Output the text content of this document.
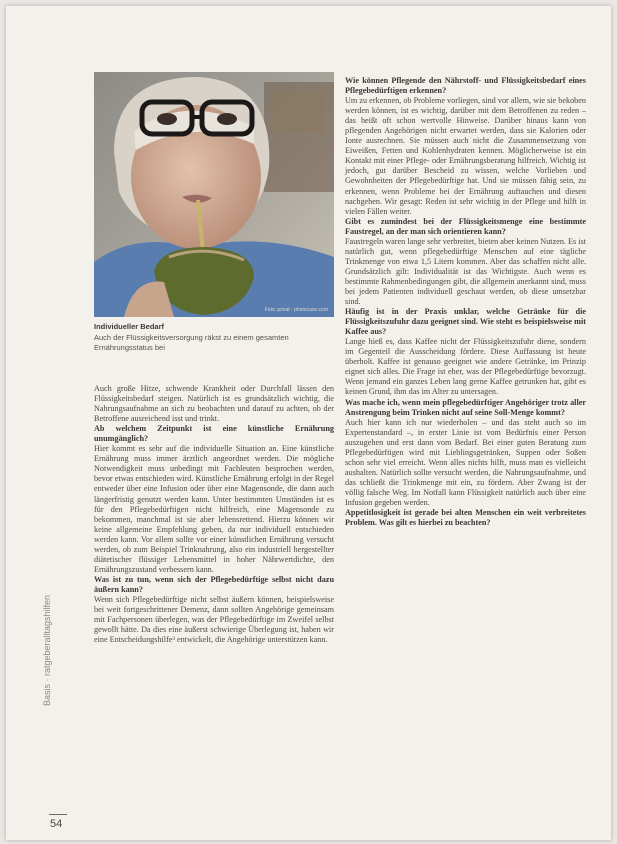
Basis · ratgeberalltagshilfen
54
Foto: privat · photocase.com
Individueller Bedarf
Auch der Flüssigkeitsversorgung räkst zu einem gesamten Ernährungsstatus bei

Auch große Hitze, schwende Krankheit oder Durchfall lässen den Flüssigkeitsbedarf steigen. Natürlich ist es grundsätzlich wichtig, die Nahrungsaufnahme an sich zu beobachten und darauf zu achten, ob der Betroffene ausreichend isst und trinkt.

Ab welchem Zeitpunkt ist eine künstliche Ernährung unumgänglich?

Hier kommt es sehr auf die individuelle Situation an. Eine künstliche Ernährung muss immer ärztlich angeordnet werden. Die mögliche Notwendigkeit muss unbedingt mit Fachleuten besprochen werden, bevor etwas entschieden wird. Künstliche Ernährung erfolgt in der Regel entweder über eine Infusion oder über eine Magensonde, die dann auch längerfristig genutzt werden kann. Unter bestimmten Umständen ist es für den Pflegebedürftigen nicht hilfreich, eine Magensonde zu bekommen, manchmal ist sie aber lebensrettend. Hierzu können wir keine allgemeine Empfehlung geben, da nur individuell entschieden werden kann. Vor allem sollte vor einer künstlichen Ernährung versucht werden, ob zum Beispiel Trinknahrung, also ein industriell hergestellter diätetischer flüssiger Lebensmittel in hoher Nährwertdichte, den Ernährungszustand verbessern kann.

Was ist zu tun, wenn sich der Pflegebedürftige selbst nicht dazu äußern kann?

Wenn sich Pflegebedürftige nicht selbst äußern können, beispielsweise bei weit fortgeschrittener Demenz, dann sollten Angehörige gemeinsam mit Fachpersonen überlegen, was der Pflegebedürftige im Zweifel selbst gewollt hätte. Da dies eine äußerst schwierige Überlegung ist, haben wir eine Entscheidungshilfe³ entwickelt, die Angehörige unterstützen kann.

Wie können Pflegende den Nährstoff- und Flüssigkeitsbedarf eines Pflegebedürftigen erkennen?

Um zu erkennen, ob Probleme vorliegen, sind vor allem, wie sie bekoben werden können, ist es wichtig, darüber mit dem Betroffenen zu reden – das heißt oft schon wertvolle Hinweise. Darüber hinaus kann von pflegenden Angehörigen nicht erwartet werden, dass sie Kalorien oder Ionte ausrechnen. Sie müssen auch nicht die Zusammensetzung von Eiweißen, Fetten und Kohlenhydraten kennen. Möglicherweise ist ein Kontakt mit einer Pflege- oder Ernährungsberatung hilfreich. Wichtig ist jedoch, gut darüber Bescheid zu wissen, welche Vorlieben und Gewohnheiten der Pflegebedürftige hat. Und sie müssen fähig sein, zu erkennen, wenn Probleme bei der Ernährung auftauchen und diesen nachgehen. Wir gesagt: Reden ist sehr wichtig in der Pflege und hilft in vielen Fällen weiter.

Gibt es zumindest bei der Flüssigkeitsmenge eine bestimmte Faustregel, an der man sich orientieren kann?

Faustregeln waren lange sehr verbreitet, bieten aber keinen Nutzen. Es ist natürlich gut, wenn pflegebedürftige Menschen auf eine tägliche Trinkmenge von etwa 1,5 Litern kommen. Aber das schaffen nicht alle. Grundsätzlich gilt: Individualität ist das Wichtigste. Auch wenn es bestimmte Rahmenbedingungen gibt, die allgemein anerkannt sind, muss bei jedem Patienten individuell geschaut werden, ob diese umsetzbar sind.

Häufig ist in der Praxis unklar, welche Getränke für die Flüssigkeitszufuhr dazu geeignet sind. Wie steht es beispielsweise mit Kaffee aus?

Lange hieß es, dass Kaffee nicht der Flüssigkeitszufuhr diene, sondern im Gegenteil die Ausscheidung fördere. Diese Auffassung ist heute überholt. Kaffee ist genauso geeignet wie andere Getränke, im Prinzip eignet sich alles. Die Frage ist eher, was der Pflegebedürftige bevorzugt. Wenn jemand ein ganzes Leben lang gerne Kaffee getrunken hat, gibt es keinen Grund, ihm das im Alter zu untersagen.

Was mache ich, wenn mein pflegebedürftiger Angehöriger trotz aller Anstrengung beim Trinken nicht auf seine Soll-Menge kommt?

Auch hier kann ich nur wiederholen – und das steht auch so im Expertenstandard –, in erster Linie ist vom Bedürfnis einer Person auszugehen und erst dann vom Bedarf. Bei einer guten Beratung zum Pflegebedürftigen wird mit Lieblingsgetränken, Suppen oder Soßen schon sehr viel erreicht. Wenn alles nichts hilft, muss man es vielleicht aushalten. Natürlich sollte versucht werden, die Nahrungsaufnahme, und das schließt die Trinkmenge mit ein, zu fördern. Aber Zwang ist der völlig falsche Weg. Im Notfall kann Flüssigkeit natürlich auch über eine Infusion gegeben werden.

Appetitlosigkeit ist gerade bei alten Menschen ein weit verbreitetes Problem. Was gilt es hierbei zu beachten?
